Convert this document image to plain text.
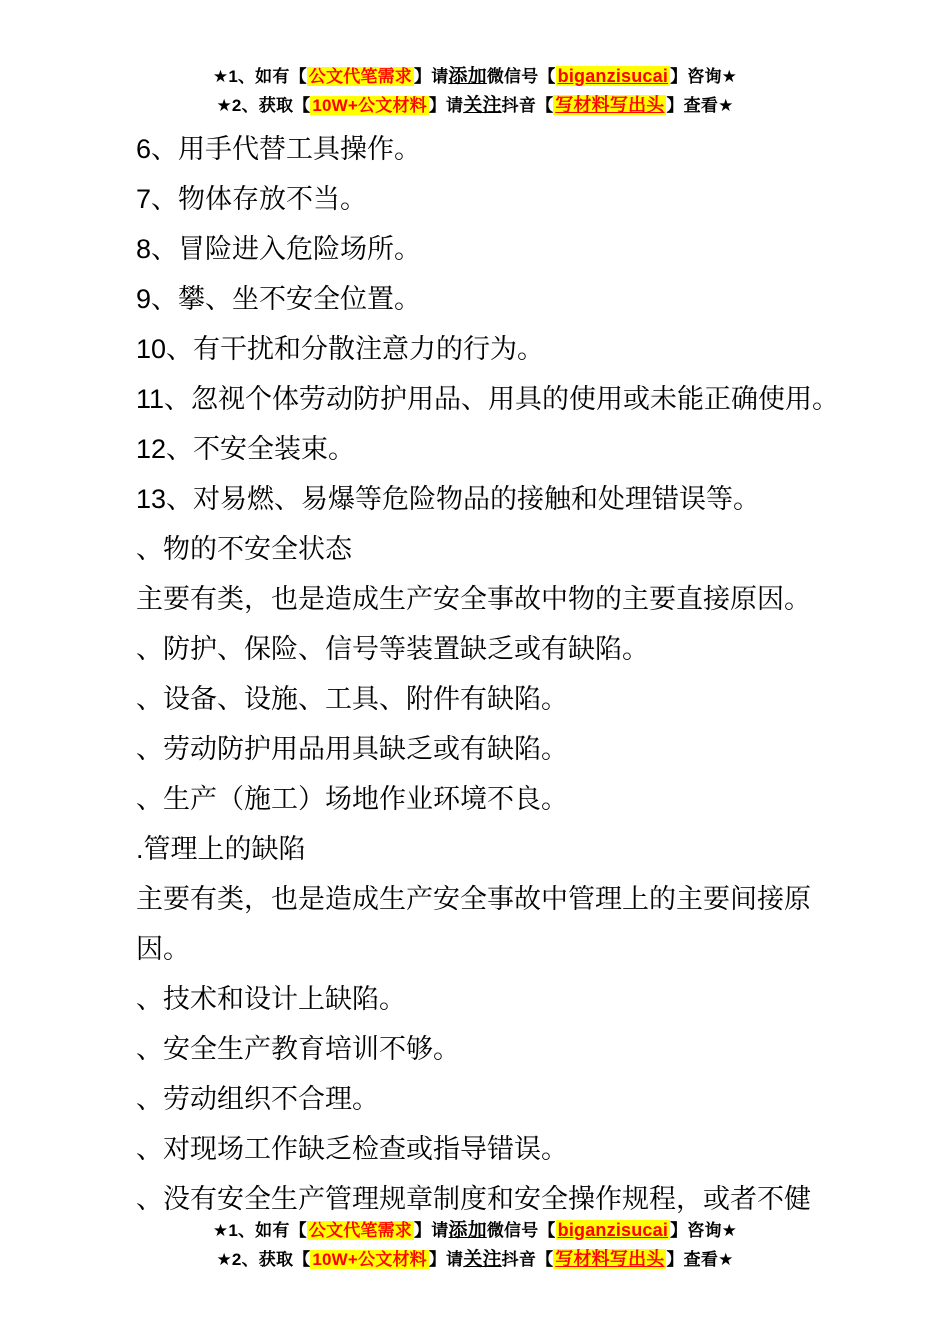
★1、如有【 公文代笔需求 】请添加微信号【 biganzisucai 】咨询★
★2、获取【 10W+公文材料 】请关注抖音【 写材料写出头 】查看★
6、用手代替工具操作。
7、物体存放不当。
8、冒险进入危险场所。
9、攀、坐不安全位置。
10、有干扰和分散注意力的行为。
11、忽视个体劳动防护用品、用具的使用或未能正确使用。
12、不安全装束。
13、对易燃、易爆等危险物品的接触和处理错误等。
、物的不安全状态
主要有类，也是造成生产安全事故中物的主要直接原因。
、防护、保险、信号等装置缺乏或有缺陷。
、设备、设施、工具、附件有缺陷。
、劳动防护用品用具缺乏或有缺陷。
、生产（施工）场地作业环境不良。
.管理上的缺陷
主要有类，也是造成生产安全事故中管理上的主要间接原
因。
、技术和设计上缺陷。
、安全生产教育培训不够。
、劳动组织不合理。
、对现场工作缺乏检查或指导错误。
、没有安全生产管理规章制度和安全操作规程，或者不健
★1、如有【 公文代笔需求 】请添加微信号【 biganzisucai 】咨询★
★2、获取【 10W+公文材料 】请关注抖音【 写材料写出头 】查看★
